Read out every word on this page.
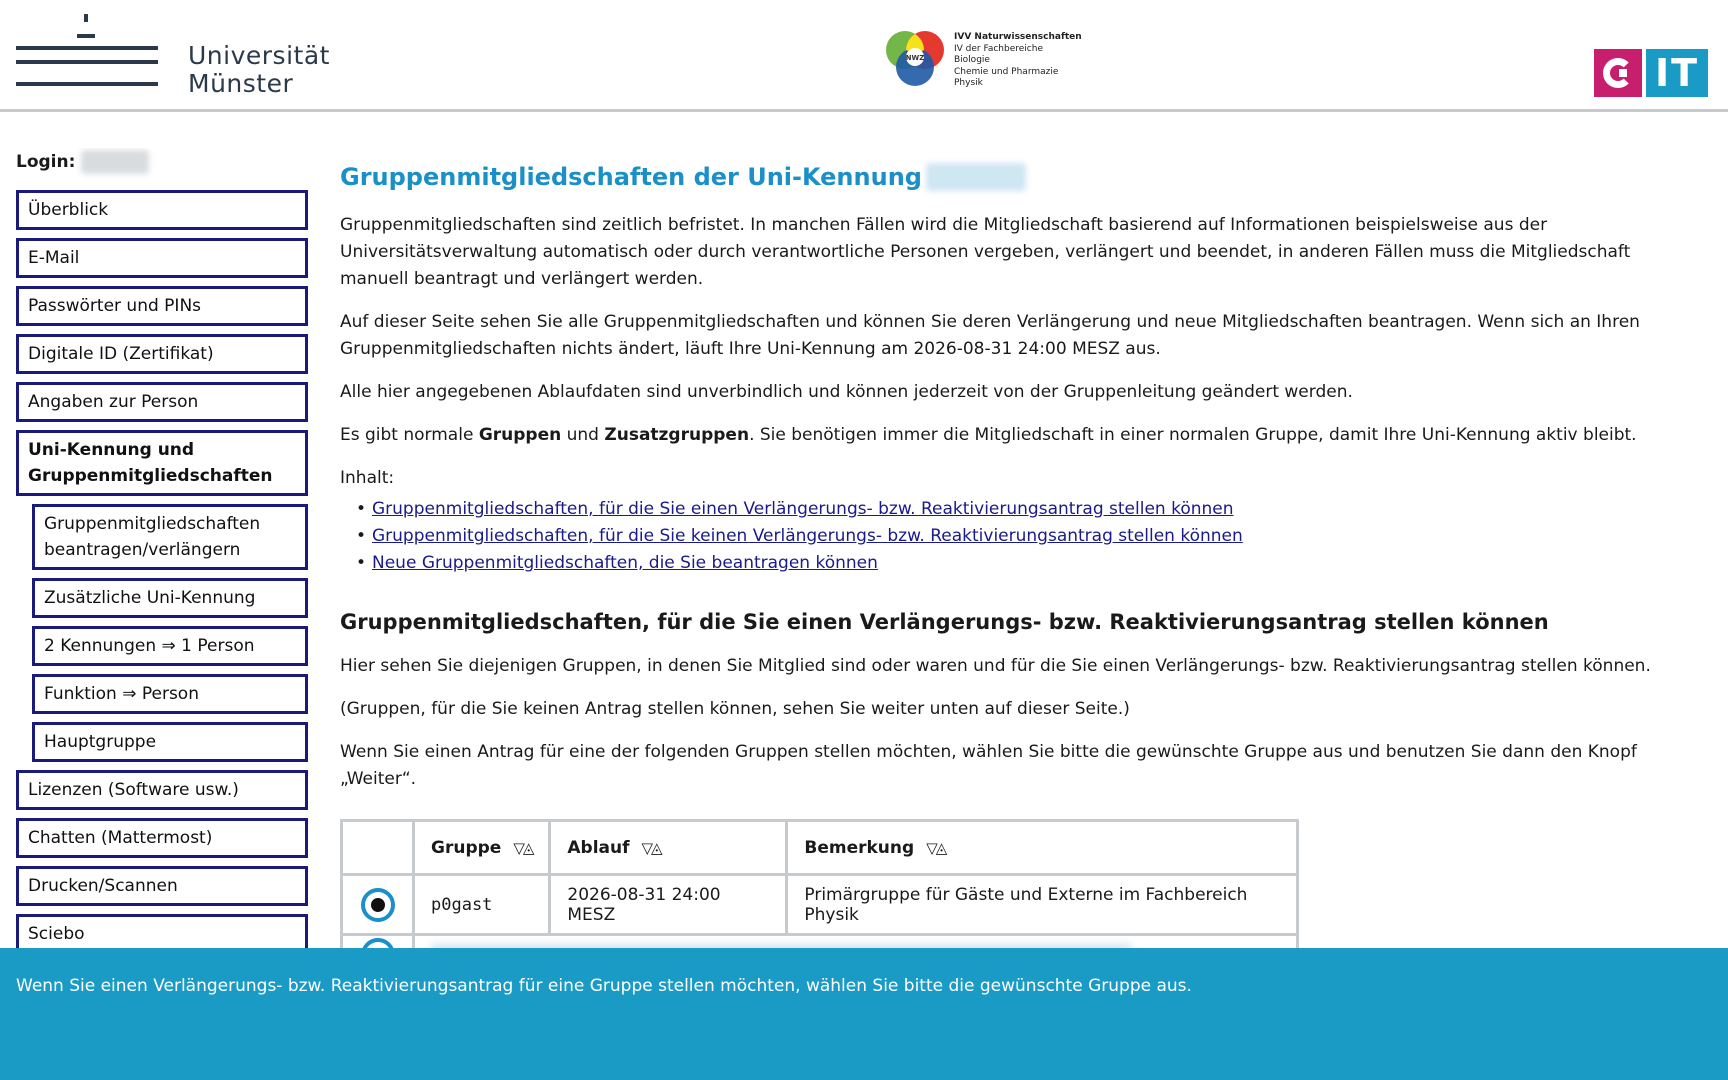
Universität
Münster
NWZ
IVV Naturwissenschaften
IV der Fachbereiche
Biologie
Chemie und Pharmazie
Physik	IT
Login:
Überblick
E-Mail
Passwörter und PINs
Digitale ID (Zertifikat)
Angaben zur Person
Uni-Kennung und Gruppenmitgliedschaften
Gruppenmitgliedschaften beantragen/verlängern
Zusätzliche Uni-Kennung
2 Kennungen ⇒ 1 Person
Funktion ⇒ Person
Hauptgruppe
Lizenzen (Software usw.)
Chatten (Mattermost)
Drucken/Scannen
Sciebo
Gruppenmitgliedschaften der Uni-Kennung

Gruppenmitgliedschaften sind zeitlich befristet. In manchen Fällen wird die Mitgliedschaft basierend auf Informationen beispielsweise aus der Universitätsverwaltung automatisch oder durch verantwortliche Personen vergeben, verlängert und beendet, in anderen Fällen muss die Mitgliedschaft manuell beantragt und verlängert werden.

Auf dieser Seite sehen Sie alle Gruppenmitgliedschaften und können Sie deren Verlängerung und neue Mitgliedschaften beantragen. Wenn sich an Ihren Gruppenmitgliedschaften nichts ändert, läuft Ihre Uni-Kennung am 2026-08-31 24:00 MESZ aus.

Alle hier angegebenen Ablaufdaten sind unverbindlich und können jederzeit von der Gruppenleitung geändert werden.

Es gibt normale Gruppen und Zusatzgruppen. Sie benötigen immer die Mitgliedschaft in einer normalen Gruppe, damit Ihre Uni-Kennung aktiv bleibt.

Inhalt:
• Gruppenmitgliedschaften, für die Sie einen Verlängerungs- bzw. Reaktivierungsantrag stellen können
• Gruppenmitgliedschaften, für die Sie keinen Verlängerungs- bzw. Reaktivierungsantrag stellen können
• Neue Gruppenmitgliedschaften, die Sie beantragen können
Gruppenmitgliedschaften, für die Sie einen Verlängerungs- bzw. Reaktivierungsantrag stellen können

Hier sehen Sie diejenigen Gruppen, in denen Sie Mitglied sind oder waren und für die Sie einen Verlängerungs- bzw. Reaktivierungsantrag stellen können.

(Gruppen, für die Sie keinen Antrag stellen können, sehen Sie weiter unten auf dieser Seite.)

Wenn Sie einen Antrag für eine der folgenden Gruppen stellen möchten, wählen Sie bitte die gewünschte Gruppe aus und benutzen Sie dann den Knopf „Weiter“.

	Gruppe ▽◬	Ablauf ▽◬	Bemerkung ▽◬

	p0gast	2026-08-31 24:00 MESZ	Primärgruppe für Gäste und Externe im Fachbereich Physik

Wenn Sie einen Verlängerungs- bzw. Reaktivierungsantrag für eine Gruppe stellen möchten, wählen Sie bitte die gewünschte Gruppe aus.
